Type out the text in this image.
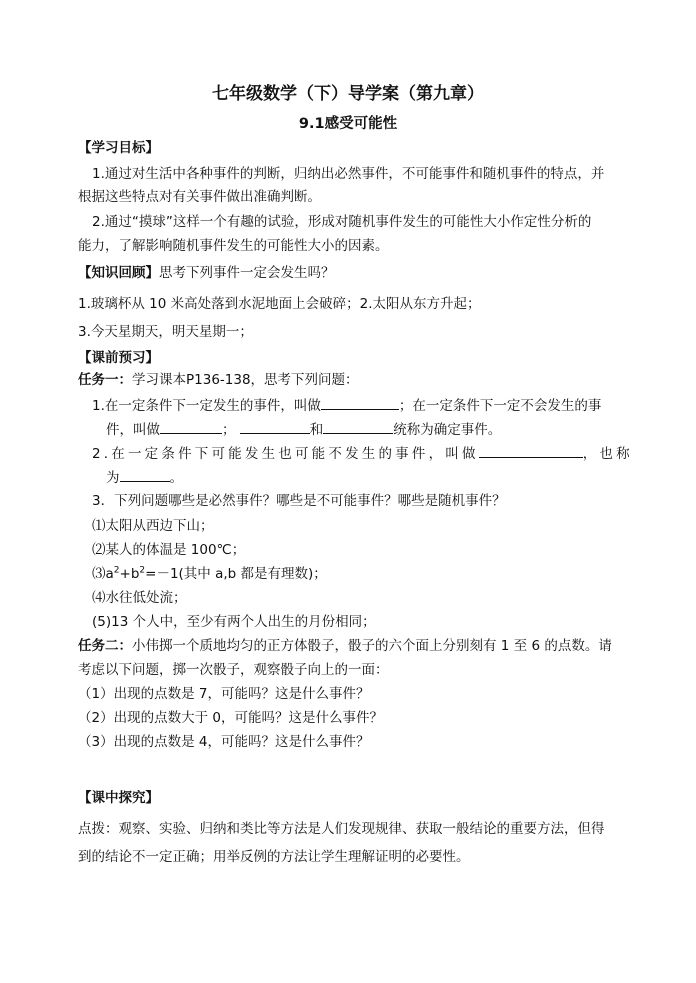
七年级数学（下）导学案（第九章）
9.1感受可能性
【学习目标】
1.通过对生活中各种事件的判断，归纳出必然事件，不可能事件和随机事件的特点，并
根据这些特点对有关事件做出准确判断。
2.通过“摸球”这样一个有趣的试验，形成对随机事件发生的可能性大小作定性分析的
能力，了解影响随机事件发生的可能性大小的因素。
【知识回顾】思考下列事件一定会发生吗？
1.玻璃杯从 10 米高处落到水泥地面上会破碎；2.太阳从东方升起；
3.今天星期天，明天星期一；
【课前预习】
任务一：学习课本P136-138，思考下列问题：
1.在一定条件下一定发生的事件，叫做	；在一定条件下一定不会发生的事
件，叫做	；	和	统称为确定事件。
2.在一定条件下可能发生也可能不发生的事件，叫做	，也称
为	。
3．下列问题哪些是必然事件？哪些是不可能事件？哪些是随机事件？
⑴太阳从西边下山；
⑵某人的体温是 100℃；
$⑶a^2+b^2=-1$(其中 a,b 都是有理数)；
⑷水往低处流；
(5)13 个人中，至少有两个人出生的月份相同；
任务二：小伟掷一个质地均匀的正方体骰子，骰子的六个面上分别刻有 1 至 6 的点数。请
考虑以下问题，掷一次骰子，观察骰子向上的一面：
（1）出现的点数是 7，可能吗？这是什么事件？
（2）出现的点数大于 0，可能吗？这是什么事件？
（3）出现的点数是 4，可能吗？这是什么事件？
【课中探究】
点拨：观察、实验、归纳和类比等方法是人们发现规律、获取一般结论的重要方法，但得
到的结论不一定正确；用举反例的方法让学生理解证明的必要性。
